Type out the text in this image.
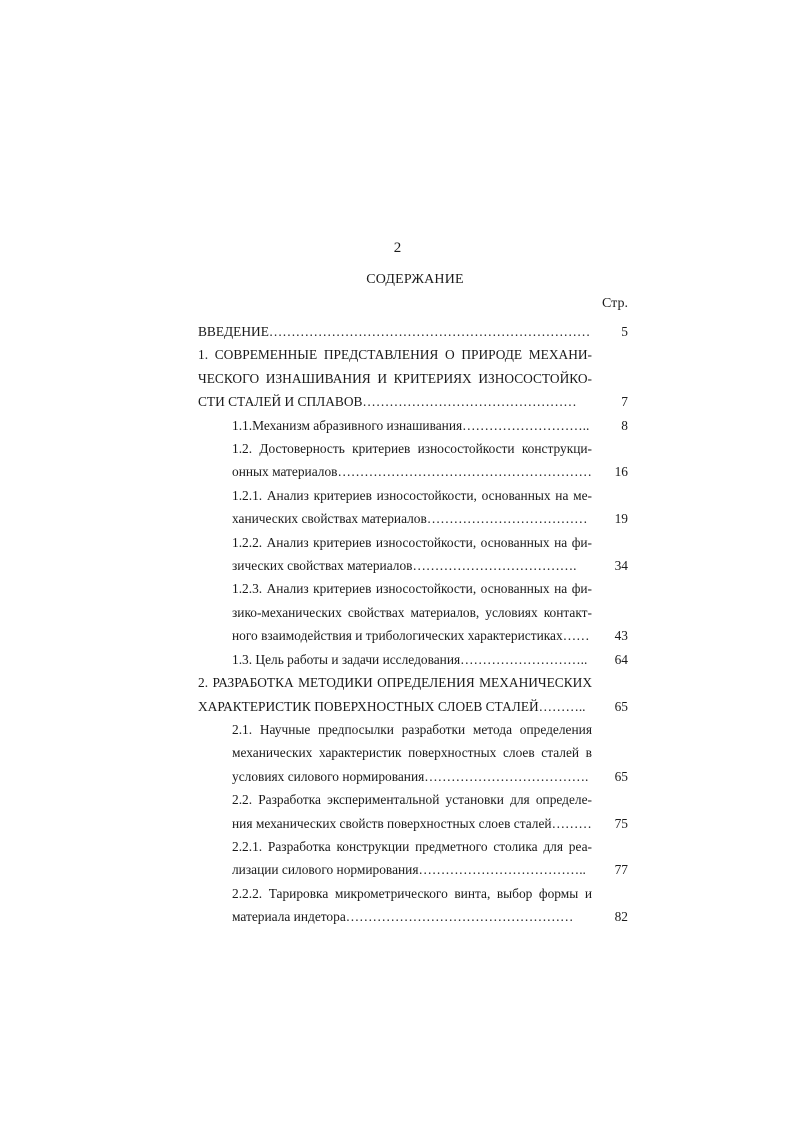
2
СОДЕРЖАНИЕ
Стр.
ВВЕДЕНИЕ………………………………………………………………	5
1. СОВРЕМЕННЫЕ ПРЕДСТАВЛЕНИЯ О ПРИРОДЕ МЕХАНИ-ЧЕСКОГО ИЗНАШИВАНИЯ И КРИТЕРИЯХ ИЗНОСОСТОЙКО-СТИ СТАЛЕЙ И СПЛАВОВ…………………………………………	7
1.1.Механизм абразивного изнашивания………………………..	8
1.2. Достоверность критериев износостойкости конструкци-онных материалов…………………………………………………	16
1.2.1. Анализ критериев износостойкости, основанных на ме-ханических свойствах материалов………………………………	19
1.2.2. Анализ критериев износостойкости, основанных на фи-зических свойствах материалов……………………………….	34
1.2.3. Анализ критериев износостойкости, основанных на фи-зико-механических свойствах материалов, условиях контакт-ного взаимодействия и трибологических характеристиках……	43
1.3. Цель работы и задачи исследования………………………..	64
2. РАЗРАБОТКА МЕТОДИКИ ОПРЕДЕЛЕНИЯ МЕХАНИЧЕСКИХ ХАРАКТЕРИСТИК ПОВЕРХНОСТНЫХ СЛОЕВ СТАЛЕЙ………..	65
2.1. Научные предпосылки разработки метода определения механических характеристик поверхностных слоев сталей в условиях силового нормирования……………………………….	65
2.2. Разработка экспериментальной установки для определе-ния механических свойств поверхностных слоев сталей………	75
2.2.1. Разработка конструкции предметного столика для реа-лизации силового нормирования………………………………..	77
2.2.2. Тарировка микрометрического винта, выбор формы и материала индетора……………………………………………	82
